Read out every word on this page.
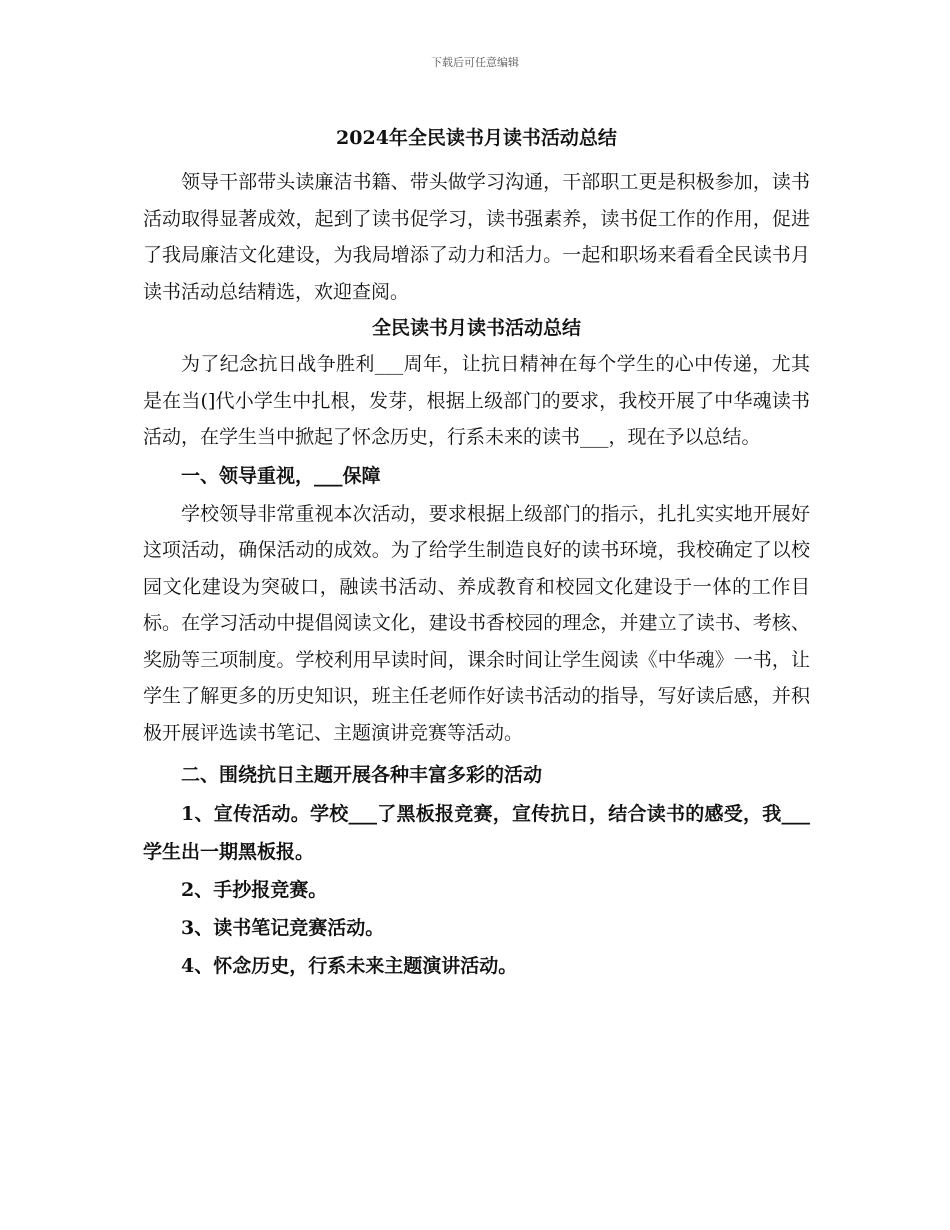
下载后可任意编辑
2024年全民读书月读书活动总结

领导干部带头读廉洁书籍、带头做学习沟通，干部职工更是积极参加，读书活动取得显著成效，起到了读书促学习，读书强素养，读书促工作的作用，促进了我局廉洁文化建设，为我局增添了动力和活力。一起和职场来看看全民读书月读书活动总结精选，欢迎查阅。

全民读书月读书活动总结

为了纪念抗日战争胜利___周年，让抗日精神在每个学生的心中传递，尤其是在当(]代小学生中扎根，发芽，根据上级部门的要求，我校开展了中华魂读书活动，在学生当中掀起了怀念历史，行系未来的读书___，现在予以总结。

一、领导重视，___保障

学校领导非常重视本次活动，要求根据上级部门的指示，扎扎实实地开展好这项活动，确保活动的成效。为了给学生制造良好的读书环境，我校确定了以校园文化建设为突破口，融读书活动、养成教育和校园文化建设于一体的工作目标。在学习活动中提倡阅读文化，建设书香校园的理念，并建立了读书、考核、奖励等三项制度。学校利用早读时间，课余时间让学生阅读《中华魂》一书，让学生了解更多的历史知识，班主任老师作好读书活动的指导，写好读后感，并积极开展评选读书笔记、主题演讲竞赛等活动。

二、围绕抗日主题开展各种丰富多彩的活动

1、宣传活动。学校___了黑板报竞赛，宣传抗日，结合读书的感受，我___学生出一期黑板报。

2、手抄报竞赛。

3、读书笔记竞赛活动。

4、怀念历史，行系未来主题演讲活动。
